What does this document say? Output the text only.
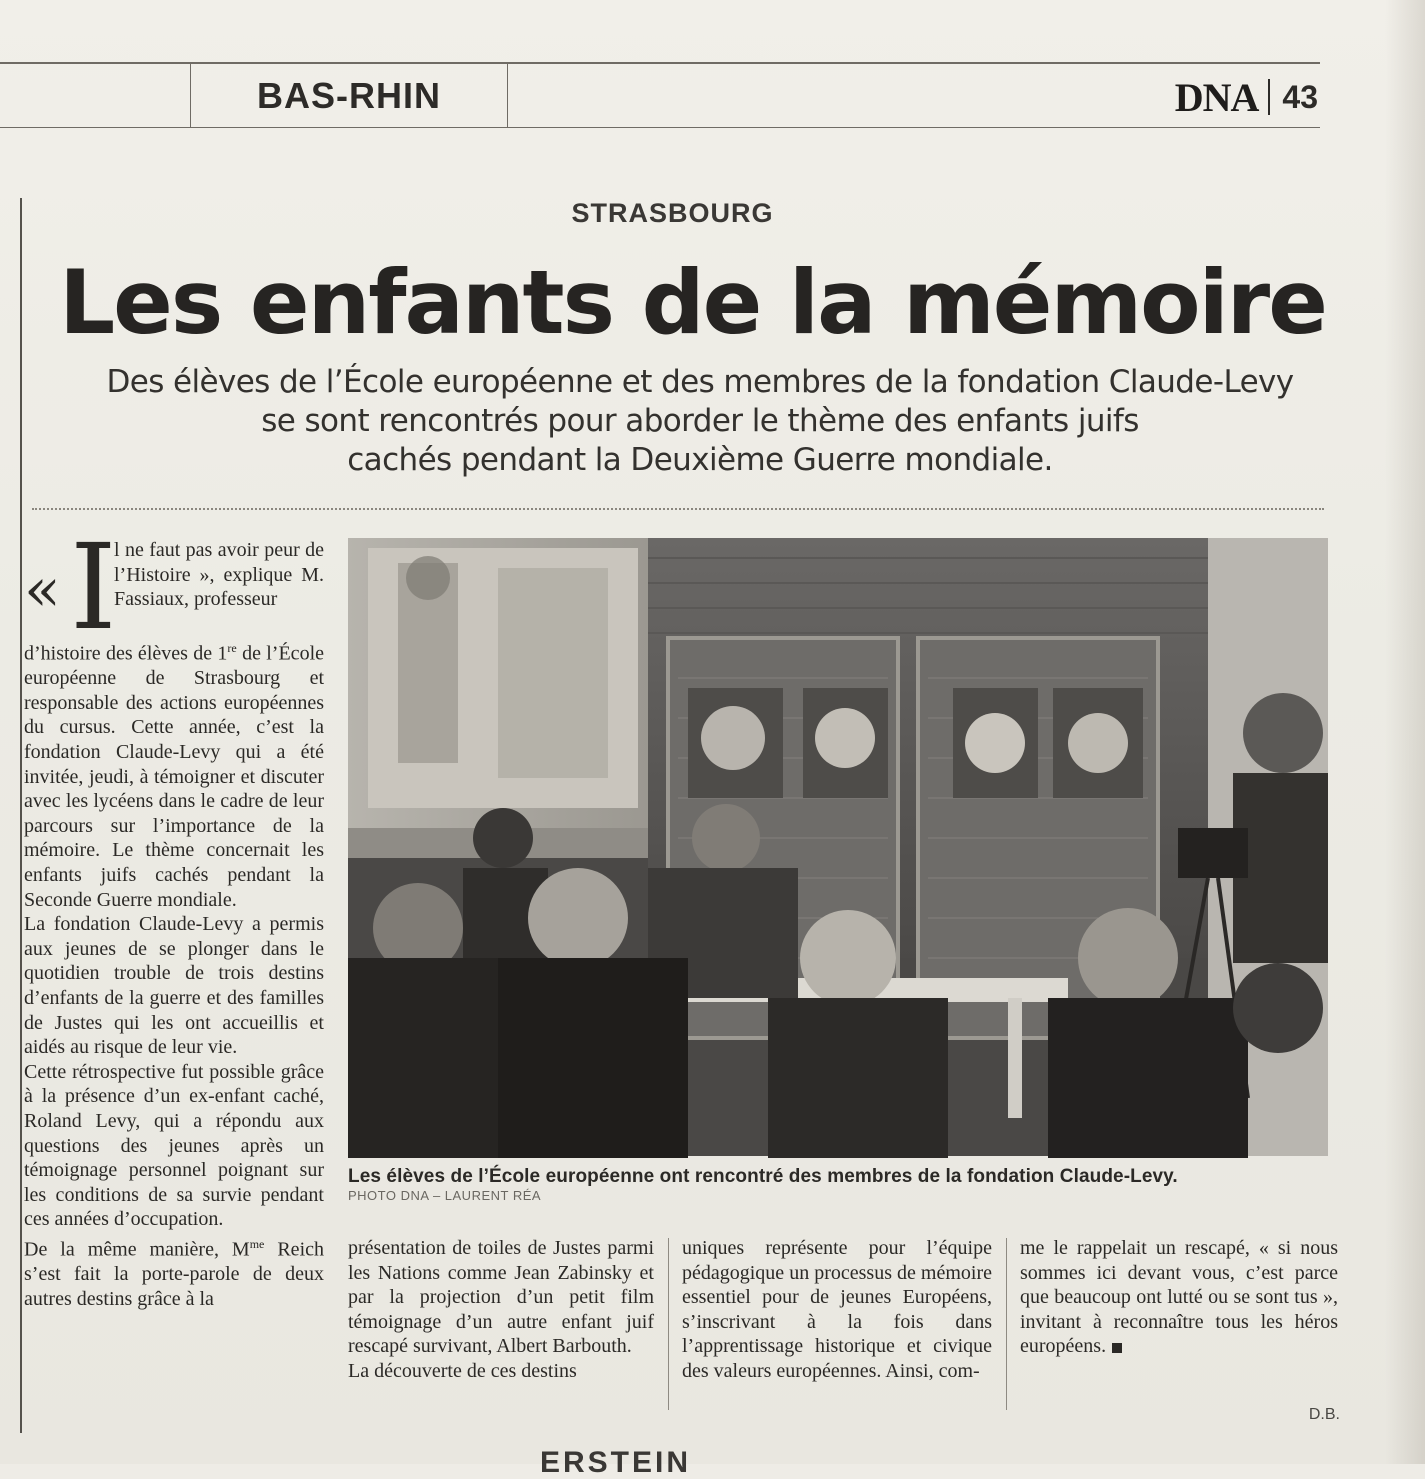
BAS-RHIN	DNA 43
STRASBOURG
Les enfants de la mémoire
Des élèves de l’École européenne et des membres de la fondation Claude-Levy
se sont rencontrés pour aborder le thème des enfants juifs
cachés pendant la Deuxième Guerre mondiale.
« I
l ne faut pas avoir peur de l’Histoire », explique M. Fassiaux, professeur

d’histoire des élèves de 1re de l’École européenne de Strasbourg et responsable des actions européennes du cursus. Cette année, c’est la fondation Claude-Levy qui a été invitée, jeudi, à témoigner et discuter avec les lycéens dans le cadre de leur parcours sur l’importance de la mémoire. Le thème concernait les enfants juifs cachés pendant la Seconde Guerre mondiale.

La fondation Claude-Levy a permis aux jeunes de se plonger dans le quotidien trouble de trois destins d’enfants de la guerre et des familles de Justes qui les ont accueillis et aidés au risque de leur vie.

Cette rétrospective fut possible grâce à la présence d’un ex-enfant caché, Roland Levy, qui a répondu aux questions des jeunes après un témoignage personnel poignant sur les conditions de sa survie pendant ces années d’occupation.

De la même manière, $M^{me}$ Reich s’est fait la porte-parole de deux autres destins grâce à la

Les élèves de l’École européenne ont rencontré des membres de la fondation Claude-Levy.
PHOTO DNA – LAURENT RÉA

présentation de toiles de Justes parmi les Nations comme Jean Zabinsky et par la projection d’un petit film témoignage d’un autre enfant juif rescapé survivant, Albert Barbouth.

La découverte de ces destins

uniques représente pour l’équipe pédagogique un processus de mémoire essentiel pour de jeunes Européens, s’inscrivant à la fois dans l’apprentissage historique et civique des valeurs européennes. Ainsi, com-

me le rappelait un rescapé, « si nous sommes ici devant vous, c’est parce que beaucoup ont lutté ou se sont tus », invitant à reconnaître tous les héros européens.

D.B.
ERSTEIN
